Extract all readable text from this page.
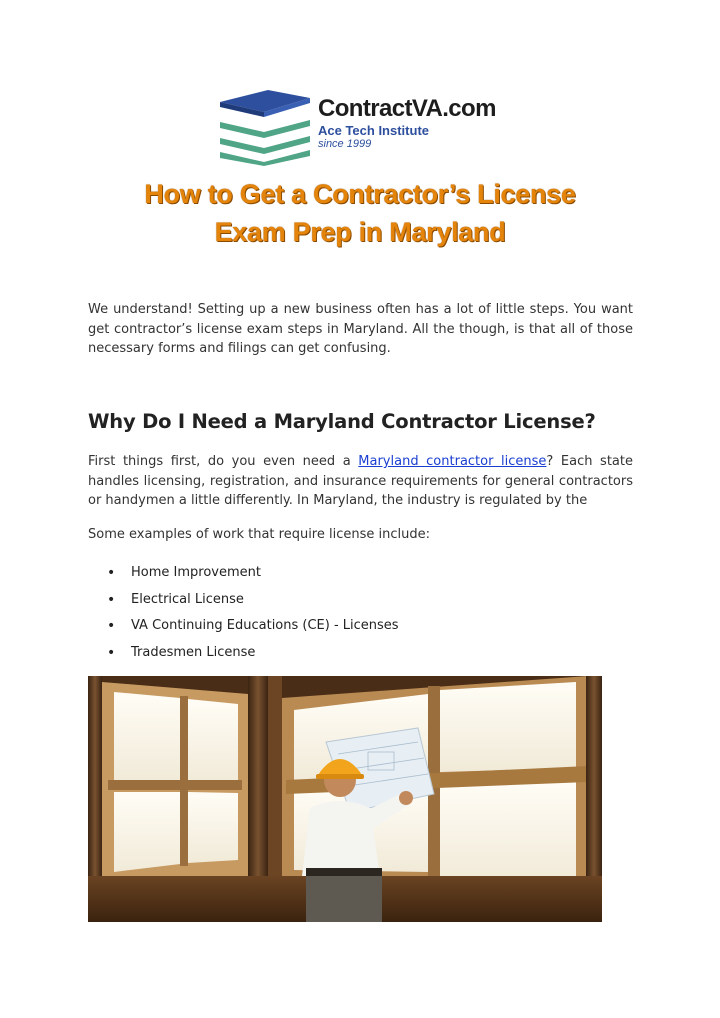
ContractVA.com
Ace Tech Institute
since 1999
How to Get a Contractor’s License
Exam Prep in Maryland

We understand! Setting up a new business often has a lot of little steps. You want get contractor’s license exam steps in Maryland. All the though, is that all of those necessary forms and filings can get confusing.

Why Do I Need a Maryland Contractor License?

First things first, do you even need a Maryland contractor license? Each state handles licensing, registration, and insurance requirements for general contractors or handymen a little differently. In Maryland, the industry is regulated by the

Some examples of work that require license include:

• Home Improvement
• Electrical License
• VA Continuing Educations (CE) - Licenses
• Tradesmen License
